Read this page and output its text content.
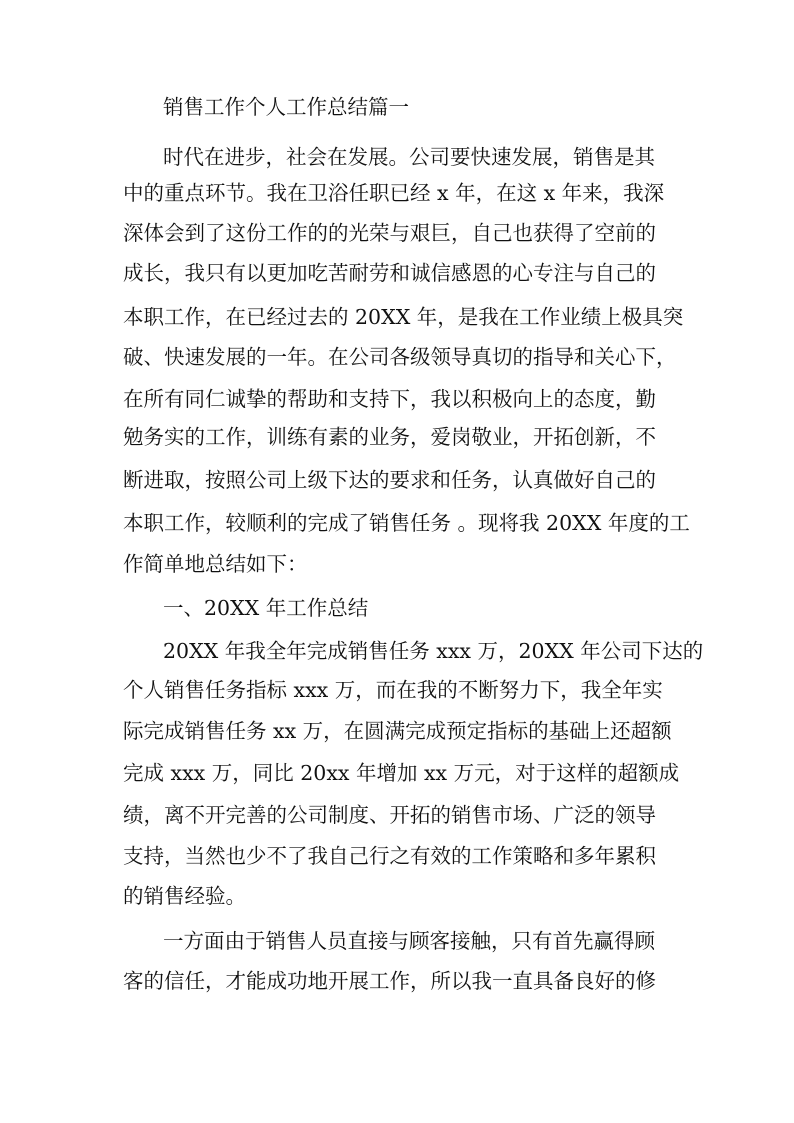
销售工作个人工作总结篇一
时代在进步，社会在发展。公司要快速发展，销售是其
中的重点环节。我在卫浴任职已经 x 年，在这 x 年来，我深
深体会到了这份工作的的光荣与艰巨，自己也获得了空前的
成长，我只有以更加吃苦耐劳和诚信感恩的心专注与自己的
本职工作，在已经过去的 20XX 年，是我在工作业绩上极具突
破、快速发展的一年。在公司各级领导真切的指导和关心下，
在所有同仁诚挚的帮助和支持下，我以积极向上的态度，勤
勉务实的工作，训练有素的业务，爱岗敬业，开拓创新，不
断进取，按照公司上级下达的要求和任务，认真做好自己的
本职工作，较顺利的完成了销售任务 。现将我 20XX 年度的工
作简单地总结如下：
一、20XX 年工作总结
20XX 年我全年完成销售任务 xxx 万，20XX 年公司下达的
个人销售任务指标 xxx 万，而在我的不断努力下，我全年实
际完成销售任务 xx 万，在圆满完成预定指标的基础上还超额
完成 xxx 万，同比 20xx 年增加 xx 万元，对于这样的超额成
绩，离不开完善的公司制度、开拓的销售市场、广泛的领导
支持，当然也少不了我自己行之有效的工作策略和多年累积
的销售经验。
一方面由于销售人员直接与顾客接触，只有首先赢得顾
客的信任，才能成功地开展工作，所以我一直具备良好的修
